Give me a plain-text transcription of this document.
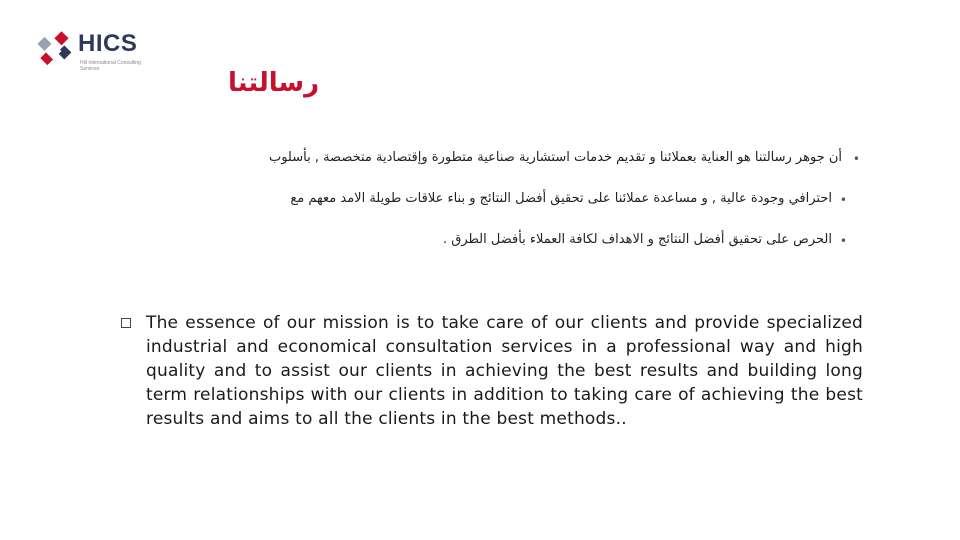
HICS
Hill International Consulting Services	رسالتنا
•
أن جوهر رسالتنا هو العناية بعملائنا و تقديم خدمات استشارية صناعية متطورة وإقتصادية متخصصة , بأسلوب
•
احترافي وجودة عالية , و مساعدة عملائنا على تحقيق أفضل النتائج و بناء علاقات طويلة الامد معهم مع
•
الحرص على تحقيق أفضل النتائج و الاهداف لكافة العملاء بأفضل الطرق .
The essence of our mission is to take care of our clients and provide specialized industrial and economical consultation services in a professional way and high quality and to assist our clients in achieving the best results and building long term relationships with our clients in addition to taking care of achieving the best results and aims to all the clients in the best methods..
